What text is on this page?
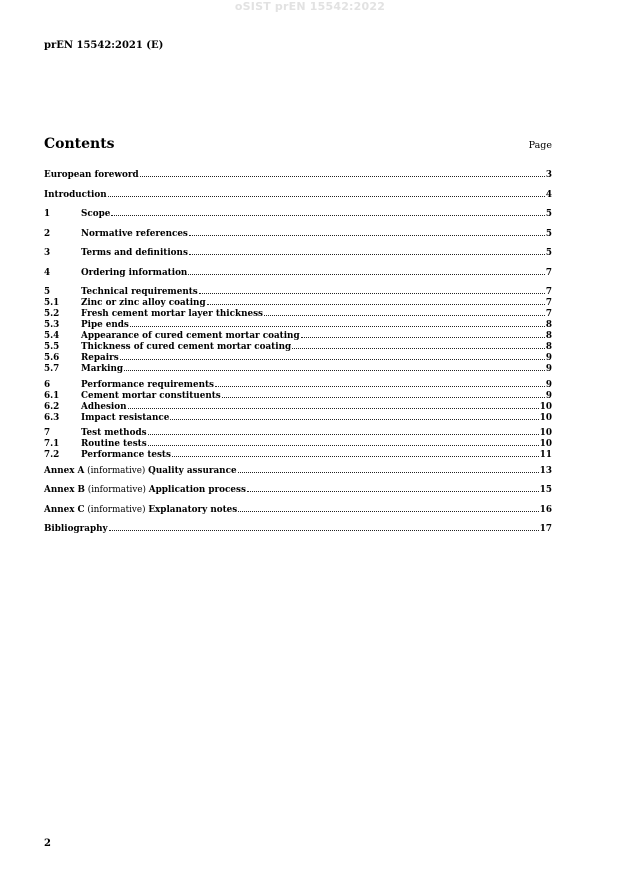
oSIST prEN 15542:2022
prEN 15542:2021 (E)
Contents	Page
European foreword	3
Introduction	4
1	Scope	5
2	Normative references	5
3	Terms and definitions	5
4	Ordering information	7
5	Technical requirements	7
5.1	Zinc or zinc alloy coating	7
5.2	Fresh cement mortar layer thickness	7
5.3	Pipe ends	8
5.4	Appearance of cured cement mortar coating	8
5.5	Thickness of cured cement mortar coating	8
5.6	Repairs	9
5.7	Marking	9
6	Performance requirements	9
6.1	Cement mortar constituents	9
6.2	Adhesion	10
6.3	Impact resistance	10
7	Test methods	10
7.1	Routine tests	10
7.2	Performance tests	11
Annex A (informative) Quality assurance	13
Annex B (informative) Application process	15
Annex C (informative) Explanatory notes	16
Bibliography	17
2
